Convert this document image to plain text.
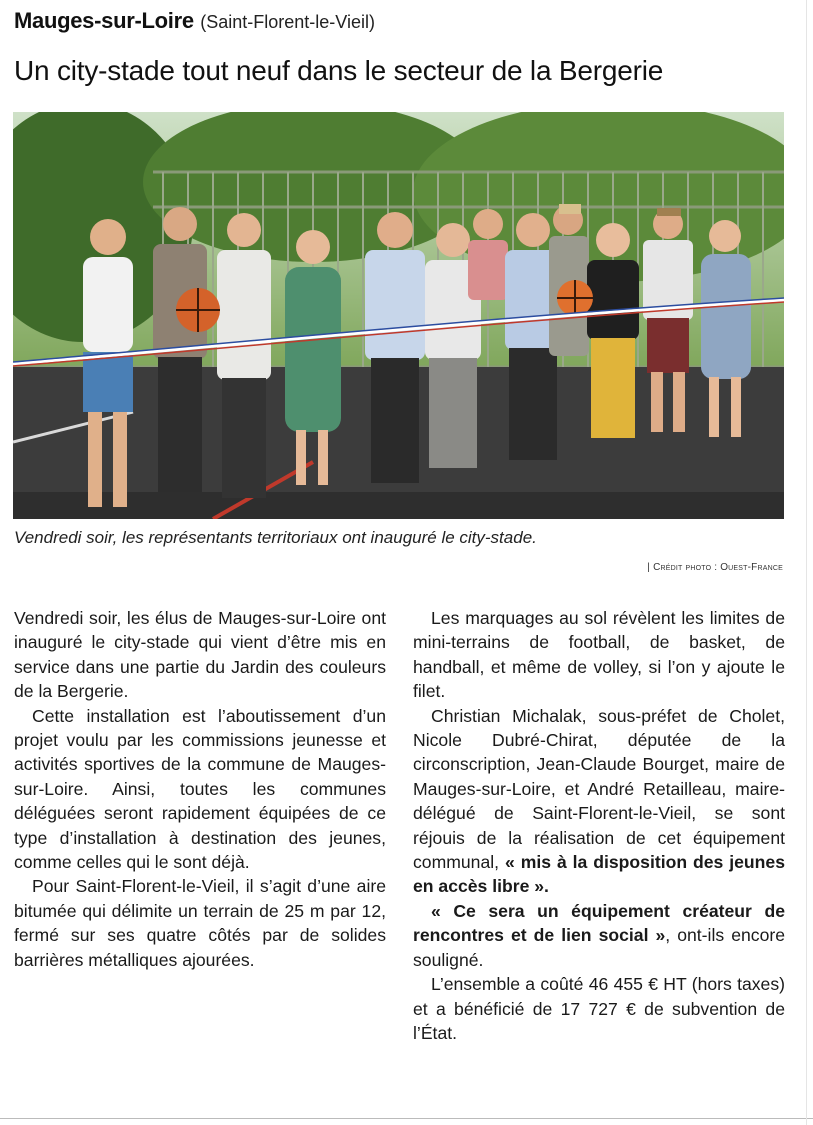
Mauges-sur-Loire (Saint-Florent-le-Vieil)
Un city-stade tout neuf dans le secteur de la Bergerie
Vendredi soir, les représentants territoriaux ont inauguré le city-stade.
| Crédit photo : Ouest-France

Vendredi soir, les élus de Mauges-sur-Loire ont inauguré le city-stade qui vient d’être mis en service dans une partie du Jardin des couleurs de la Bergerie.

Cette installation est l’aboutissement d’un projet voulu par les commissions jeunesse et activités sportives de la commune de Mauges-sur-Loire. Ainsi, toutes les communes déléguées seront rapidement équipées de ce type d’installation à destination des jeunes, comme celles qui le sont déjà.

Pour Saint-Florent-le-Vieil, il s’agit d’une aire bitumée qui délimite un terrain de 25 m par 12, fermé sur ses quatre côtés par de solides barrières métalliques ajourées.

Les marquages au sol révèlent les limites de mini-terrains de football, de basket, de handball, et même de volley, si l’on y ajoute le filet.

Christian Michalak, sous-préfet de Cholet, Nicole Dubré-Chirat, députée de la circonscription, Jean-Claude Bourget, maire de Mauges-sur-Loire, et André Retailleau, maire-délégué de Saint-Florent-le-Vieil, se sont réjouis de la réalisation de cet équipement communal, « mis à la disposition des jeunes en accès libre ».

« Ce sera un équipement créateur de rencontres et de lien social », ont-ils encore souligné.

L’ensemble a coûté 46 455 € HT (hors taxes) et a bénéficié de 17 727 € de subvention de l’État.
